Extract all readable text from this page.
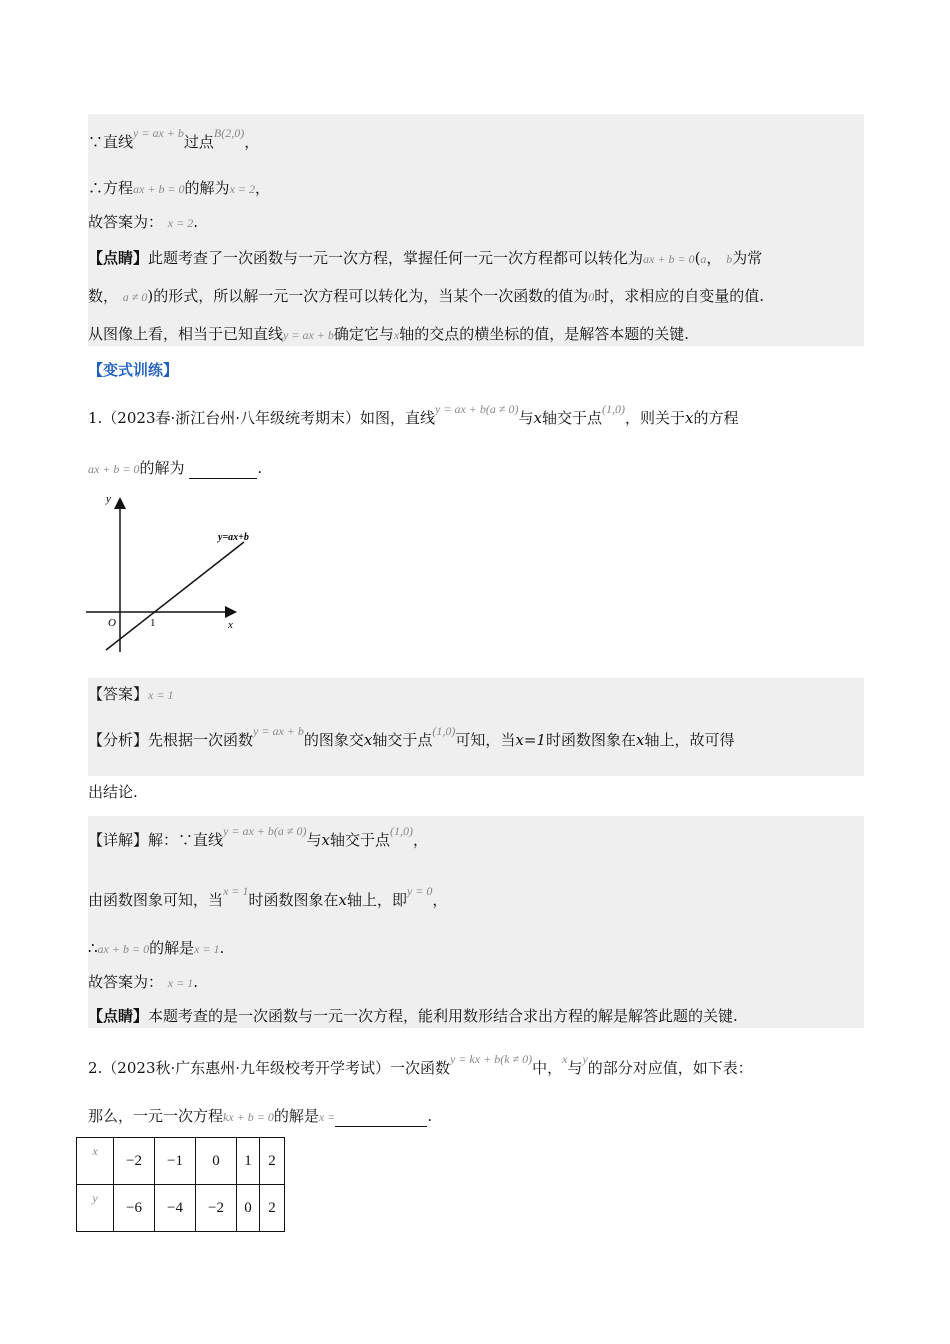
∵直线$^{y = ax + b}$过点$^{B(2,0)}$，
∴方程ax + b = 0的解为x = 2，
故答案为： x = 2.
【点睛】此题考查了一次函数与一元一次方程，掌握任何一元一次方程都可以转化为ax + b = 0(a， b为常
数， a ≠ 0)的形式，所以解一元一次方程可以转化为，当某个一次函数的值为0时，求相应的自变量的值.
从图像上看，相当于已知直线y = ax + b确定它与x轴的交点的横坐标的值，是解答本题的关键.
【变式训练】
1.（2023春·浙江台州·八年级统考期末）如图，直线$^{y = ax + b(a \ne 0)}$与x轴交于点$^{(1,0)}$，则关于x的方程
ax + b = 0的解为	.
y
x
O	1
y=ax+b
【答案】x = 1
【分析】先根据一次函数$^{y = ax + b}$的图象交x轴交于点$^{(1,0)}$可知，当x=1时函数图象在x轴上，故可得
出结论.
【详解】解：∵直线$^{y = ax + b(a \ne 0)}$与x轴交于点$^{(1,0)}$，
由函数图象可知，当$^{x = 1}$时函数图象在x轴上，即$^{y = 0}$，
∴ax + b = 0的解是x = 1.
故答案为： x = 1.
【点睛】本题考查的是一次函数与一元一次方程，能利用数形结合求出方程的解是解答此题的关键.
2.（2023秋·广东惠州·九年级校考开学考试）一次函数$^{y = kx + b(k \ne 0)}$中，$^x$与$^y$的部分对应值，如下表：
那么，一元一次方程kx + b = 0的解是x =	.
x	−2	−1	0	1	2
y	−6	−4	−2	0	2
